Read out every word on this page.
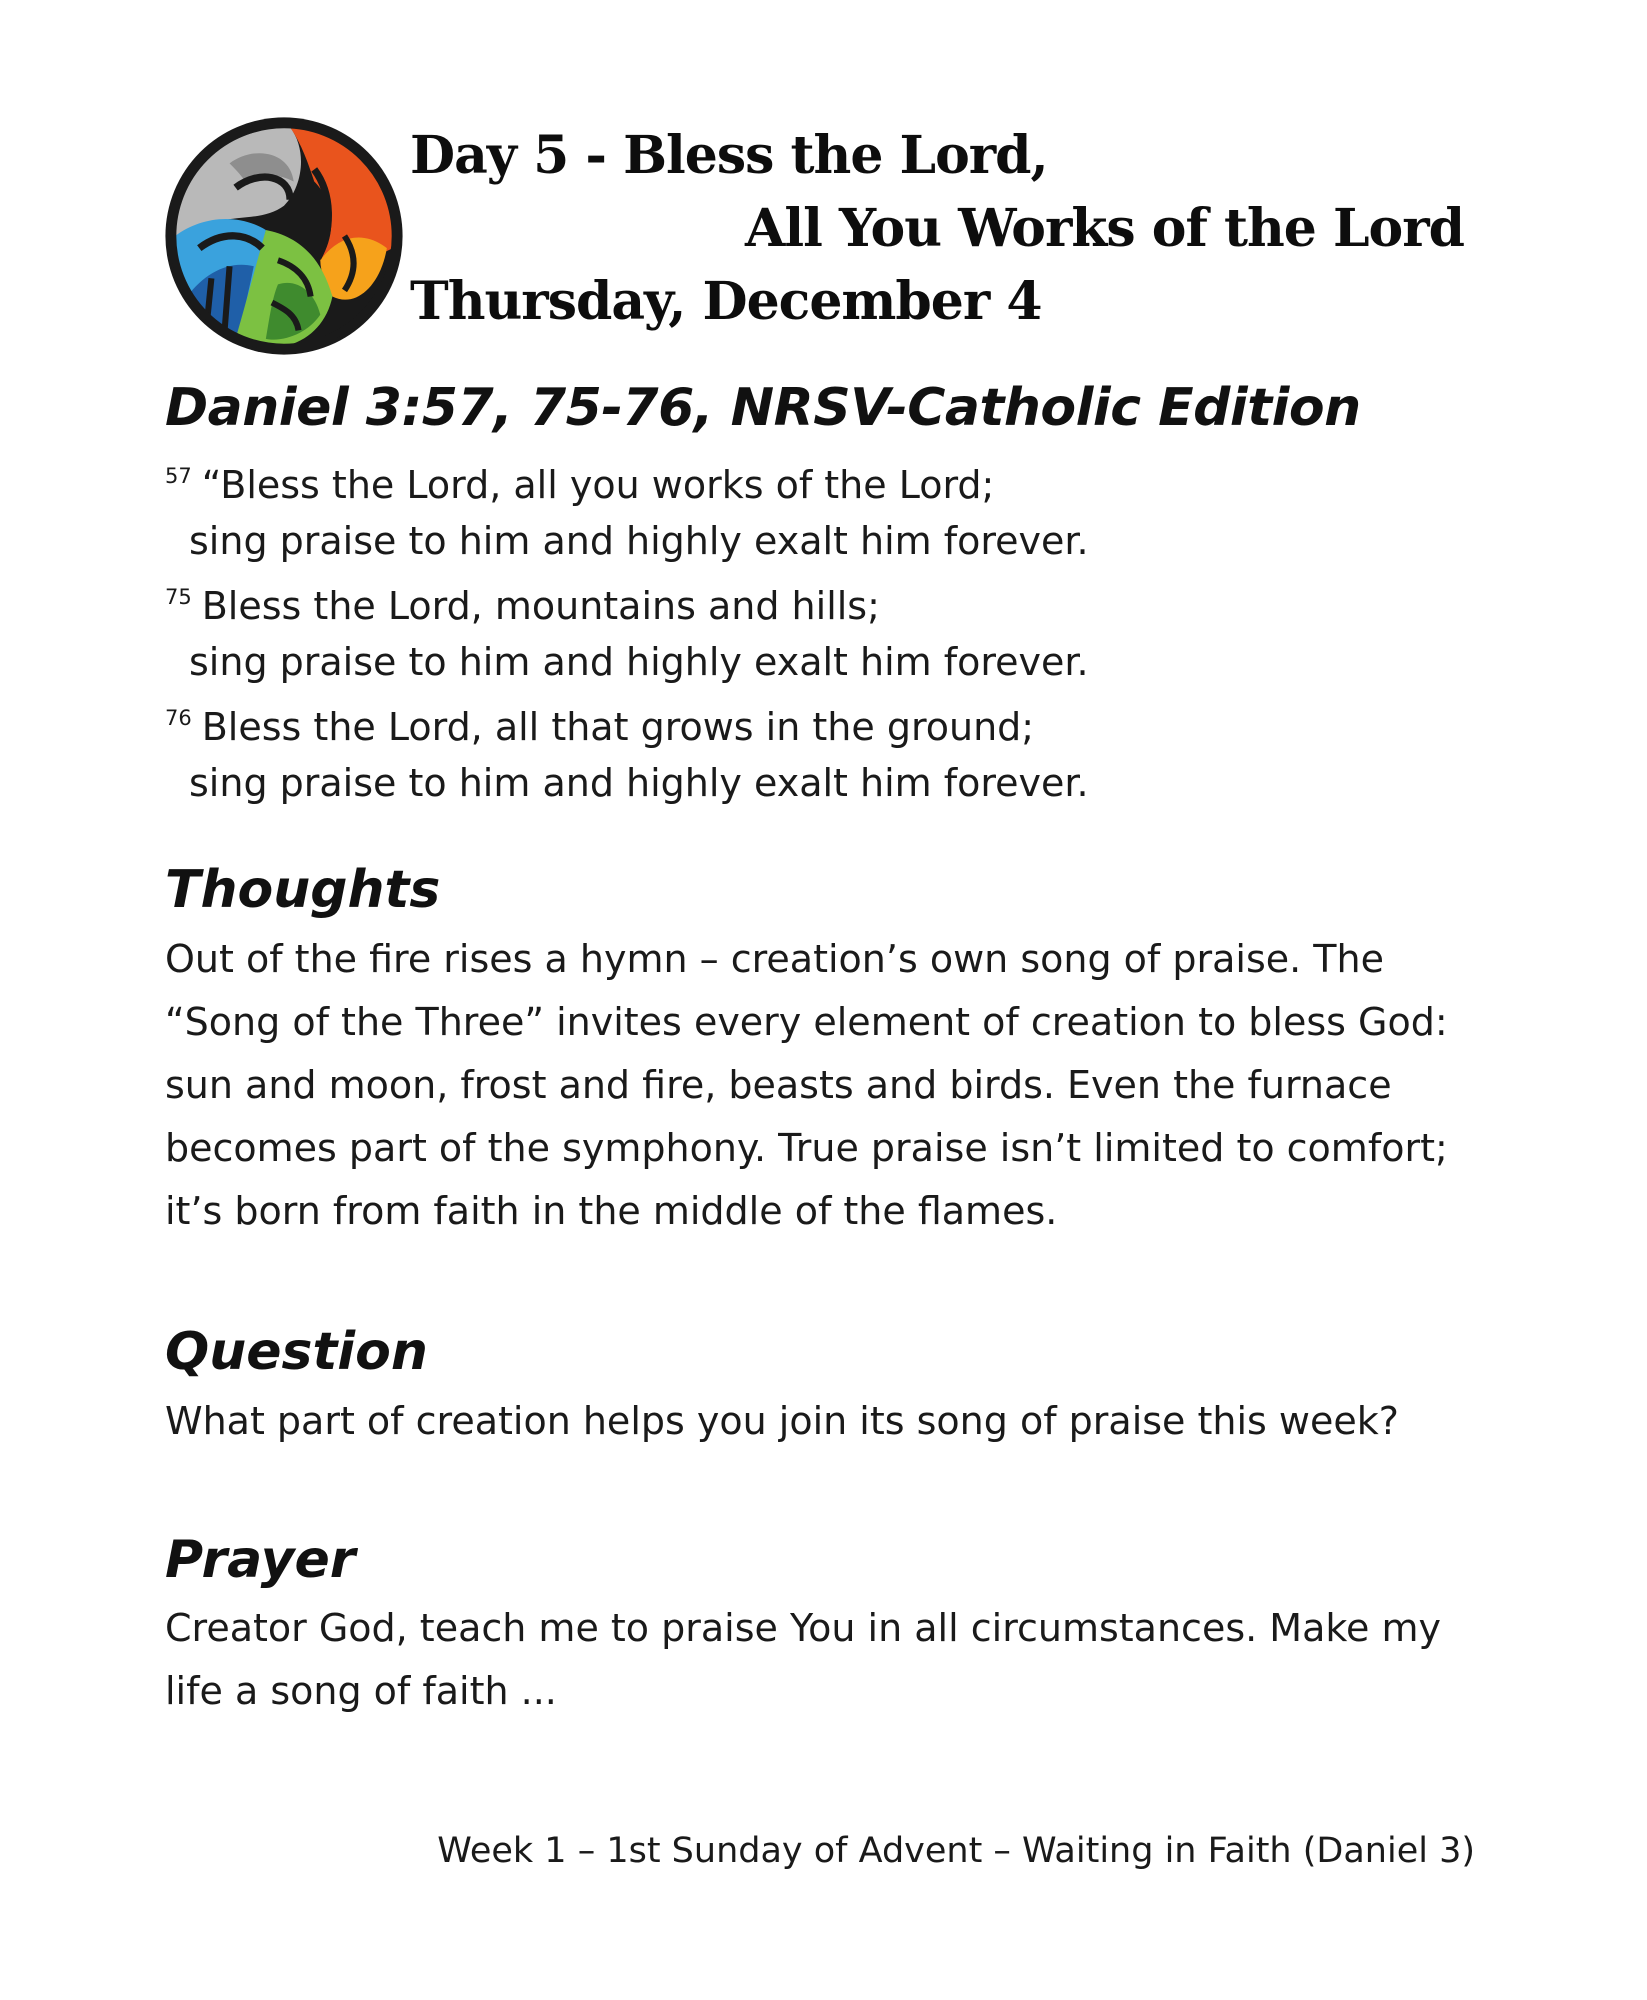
Day 5 - Bless the Lord,
All You Works of the Lord
Thursday, December 4
Daniel 3:57, 75-76, NRSV-Catholic Edition
$^{57}$ “Bless the Lord, all you works of the Lord;
sing praise to him and highly exalt him forever.
$^{75}$ Bless the Lord, mountains and hills;
sing praise to him and highly exalt him forever.
$^{76}$ Bless the Lord, all that grows in the ground;
sing praise to him and highly exalt him forever.
Thoughts

Out of the fire rises a hymn – creation’s own song of praise. The “Song of the Three” invites every element of creation to bless God: sun and moon, frost and fire, beasts and birds. Even the furnace becomes part of the symphony. True praise isn’t limited to comfort; it’s born from faith in the middle of the flames.

Question

What part of creation helps you join its song of praise this week?

Prayer

Creator God, teach me to praise You in all circumstances. Make my life a song of faith ...

Week 1 – 1st Sunday of Advent – Waiting in Faith (Daniel 3)
